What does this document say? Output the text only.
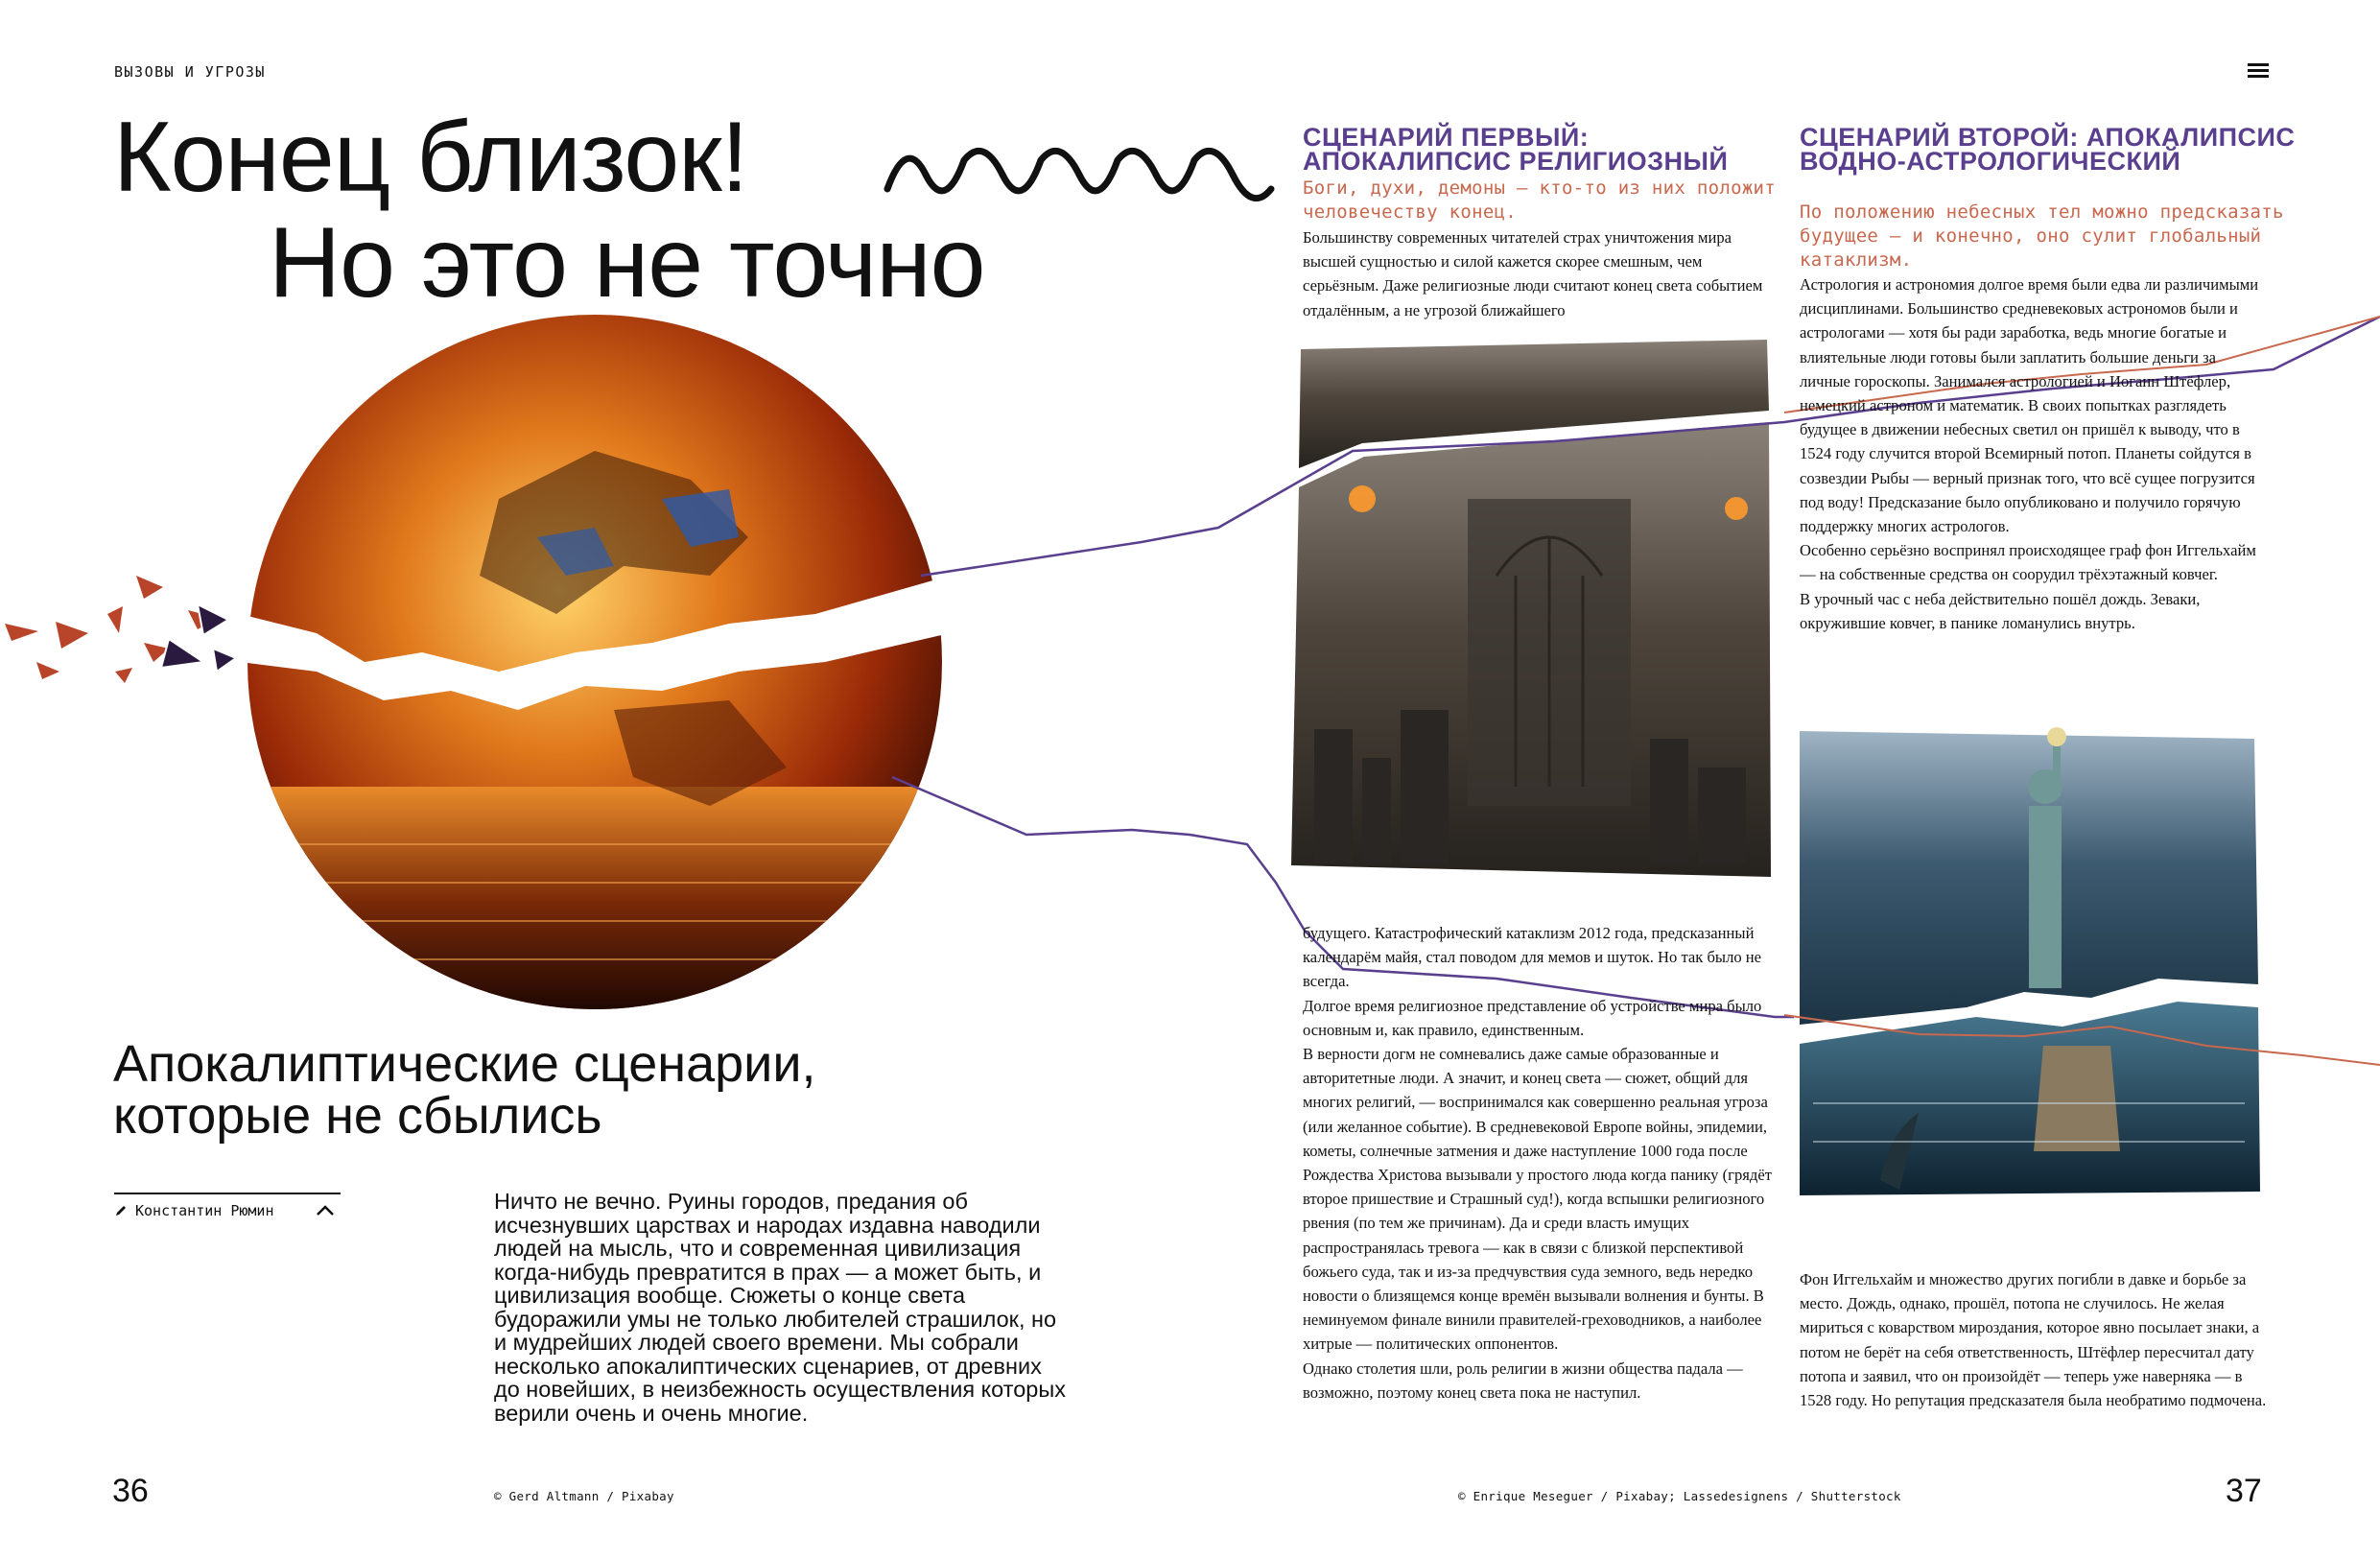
ВЫЗОВЫ И УГРОЗЫ
Конец близок!
Но это не точно
Апокалиптические сценарии, которые не сбылись
Константин Рюмин	Ничто не вечно. Руины городов, предания об исчезнувших царствах и народах издавна наводили людей на мысль, что и современная цивилизация когда-нибудь превратится в прах — а может быть, и цивилизация вообще. Сюжеты о конце света будоражили умы не только любителей страшилок, но и мудрейших людей своего времени. Мы собрали несколько апокалиптических сценариев, от древних до новейших, в неизбежность осуществления которых верили очень и очень многие.
36	37
© Gerd Altmann / Pixabay	© Enrique Meseguer / Pixabay; Lassedesignens / Shutterstock
СЦЕНАРИЙ ПЕРВЫЙ: АПОКАЛИПСИС РЕЛИГИОЗНЫЙ
Боги, духи, демоны — кто-то из них положит человечеству конец.
Большинству современных читателей страх уничтожения мира высшей сущностью и силой кажется скорее смешным, чем серьёзным. Даже религиозные люди считают конец света событием отдалённым, а не угрозой ближайшего

будущего. Катастрофический катаклизм 2012 года, предсказанный календарём майя, стал поводом для мемов и шуток. Но так было не всегда.

Долгое время религиозное представление об устройстве мира было основным и, как правило, единственным.

В верности догм не сомневались даже самые образованные и авторитетные люди. А значит, и конец света — сюжет, общий для многих религий, — воспринимался как совершенно реальная угроза (или желанное событие). В средневековой Европе войны, эпидемии, кометы, солнечные затмения и даже наступление 1000 года после Рождества Христова вызывали у простого люда когда панику (грядёт второе пришествие и Страшный суд!), когда вспышки религиозного рвения (по тем же причинам). Да и среди власть имущих распространялась тревога — как в связи с близкой перспективой божьего суда, так и из-за предчувствия суда земного, ведь нередко новости о близящемся конце времён вызывали волнения и бунты. В неминуемом финале винили правителей-греховодников, а наиболее хитрые — политических оппонентов.

Однако столетия шли, роль религии в жизни общества падала — возможно, поэтому конец света пока не наступил.

СЦЕНАРИЙ ВТОРОЙ: АПОКАЛИПСИС ВОДНО-АСТРОЛОГИЧЕСКИЙ
По положению небесных тел можно предсказать будущее — и конечно, оно сулит глобальный катаклизм.

Астрология и астрономия долгое время были едва ли различимыми дисциплинами. Большинство средневековых астрономов были и астрологами — хотя бы ради заработка, ведь многие богатые и влиятельные люди готовы были заплатить большие деньги за личные гороскопы. Занимался астрологией и Иоганн Штёфлер, немецкий астроном и математик. В своих попытках разглядеть будущее в движении небесных светил он пришёл к выводу, что в 1524 году случится второй Всемирный потоп. Планеты сойдутся в созвездии Рыбы — верный признак того, что всё сущее погрузится под воду! Предсказание было опубликовано и получило горячую поддержку многих астрологов.

Особенно серьёзно воспринял происходящее граф фон Иггельхайм — на собственные средства он соорудил трёхэтажный ковчег.

В урочный час с неба действительно пошёл дождь. Зеваки, окружившие ковчег, в панике ломанулись внутрь.

Фон Иггельхайм и множество других погибли в давке и борьбе за место. Дождь, однако, прошёл, потопа не случилось. Не желая мириться с коварством мироздания, которое явно посылает знаки, а потом не берёт на себя ответственность, Штёфлер пересчитал дату потопа и заявил, что он произойдёт — теперь уже наверняка — в 1528 году. Но репутация предсказателя была необратимо подмочена.
